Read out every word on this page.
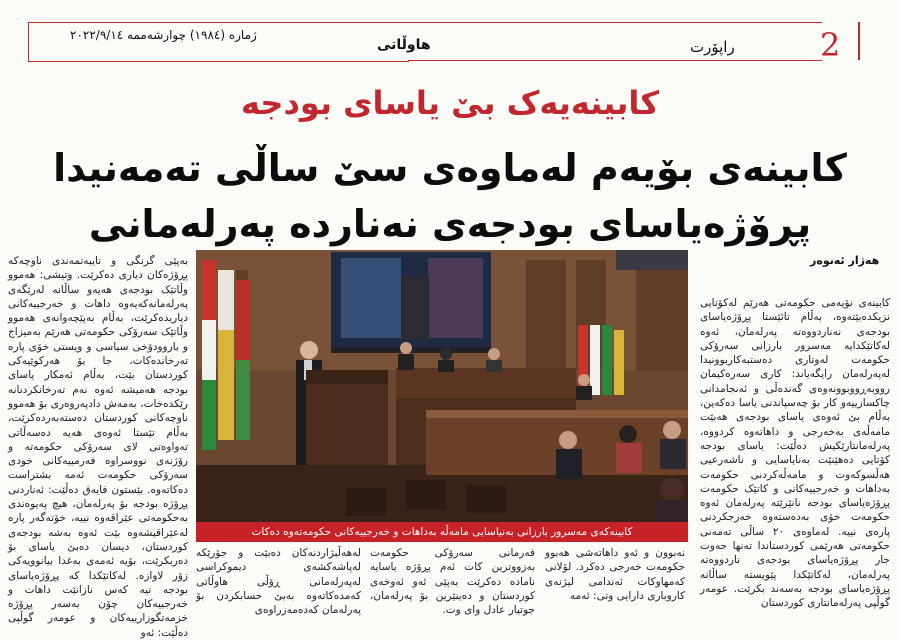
ژمارە (١٩٨٤) چوارشەممە ٢٠٢٢/٩/١٤
هاوڵاتی	راپۆرت	2
کابینەیەک بێ یاسای بودجە
کابینەی بۆیەم لەماوەی سێ ساڵی تەمەنیدا پڕۆژەیاسای بودجەی نەناردە پەرلەمانی
هەژار ئەنوەر

کابینەی نۆیەمی حکومەتی هەرێم لەکۆتایی نزیکدەبێتەوە، بەڵام تائێستا پڕۆژەیاسای بودجەی نەناردووەتە پەرلەمان، ئەوە لەکاتێکدایە مەسرور بارزانی سەرۆکی حکومەت لەوتاری دەستبەکاربوونیدا لەپەرلەمان رایگەیاند: کاری سەرەکیمان رووبەڕووبوونەوەی گەندەڵی و ئەنجامدانی چاکسازییەو کار بۆ چەسپاندنی یاسا دەکەین، بەڵام بێ ئەوەی یاسای بودجەی هەبێت مامەڵەی بەخەرجی و داهاتەوە کردووە، پەرلەمانتارێکیش دەڵێت: یاسای بودجە کۆتایی دەهێنێت بەنایاسایی و ناشەرعیی هەڵسوکەوت و مامەڵەکردنی حکومەت بەداهات و خەرجییەکانی و کاتێک حکومەت پڕۆژەیاسای بودجە نانێرێتە پەرلەمان ئەوە حکومەت خۆی بەدەستەوە خەرجکردنی پارەی نییە. لەماوەی ٢٠ ساڵی تەمەنی حکومەتی هەرێمی کوردستاندا تەنها حەوت جار پڕۆژەیاسای بودجەی ناردووەتە پەرلەمان، لەکاتێکدا پێویستە ساڵانە پڕۆژەیاسای بودجە بەسەند بکرێت. عومەر گوڵپی پەرلەمانتاری کوردستان

بەپێی گرنگی و تایبەتمەندی ناوچەکە پڕۆژەکان دیاری دەکرێت. وتیشی: هەموو وڵاتێک بودجەی هەیەو ساڵانە لەرێگەی پەرلەمانەکەیەوە داهات و خەرجییەکانی دیاریدەکرێت، بەڵام بەپێچەوانەی هەموو وڵاتێک سەرۆکی حکومەتی هەرێم بەمیزاج و باروودۆخی سیاسی و ویستی خۆی پارە تەرخاندەکات، جا بۆ هەرکوێیەکی کوردستان بێت، بەڵام ئەمکار یاسای بودجە هەمیشە ئەوە نەم تەرخانکردنانە رێکدەخات، بەمەش دادپەروەری بۆ هەموو ناوچەکانی کوردستان دەستەبەردەکرێت، بەڵام تێستا ئەوەی هەیە دەسەڵاتی تەواوەتی لای سەرۆکی حکومەتە و رۆژنەی نووسراوە فەرمییەکانی خودی سەرۆکی حکومەت ئەمە بشتراست دەکاتەوە. بێستون فایەق دەڵێت: ئەناردنی پڕۆژە بودجە بۆ پەرلەمان، هیچ پەیوەندی بەحکومەتی عێراقەوە نییە، خۆتەگەر پارە لەعێراقیشەوە بێت ئەوە بەشە بودجەی کوردستان، دیسان دەبێ یاسای بۆ دەربکرێت، بۆیە ئەمەی بەغدا بیانوویەکی زۆر لاوازە. لەکاتێکدا کە پڕۆژەیاسای بودجە نیە کەس نازانێت داهات و خەرجییەکان چۆن بەسەر پڕۆژە خزمەتگوزارییەکان و عومەر گوڵپی دەڵێت: ئەو

نەبوون و ئەو داهاتەشی هەبوو حکومەت خەرجی دەکرد. لۆلانی کەمهاوکات ئەندامی لیژنەی کاروباری دارایی وتی: ئەمە

فەرمانی سەرۆکی حکومەت بەزووترین کات ئەم پڕۆژە یاسایە نامادە دەکرێت بەپێی ئەو ئەوخەی کوردستان و دەینێرین بۆ پەرلەمان، جوتیار عادل وای وت.

لەهەڵبژاردنەکان دەبێت و جۆرێکە لەپاشەکشەی دیموکراسی لەپەرلەمانی ڕۆڵی هاوڵاتی کەمدەکاتەوە بەبێ حسابکردن بۆ پەرلەمان کەدەمەزراوەی

کابینەکەی مەسرور بارزانی بەنیاسایی مامەڵە بەداهات و خەرجییەکانی حکومەتەوە دەکات
